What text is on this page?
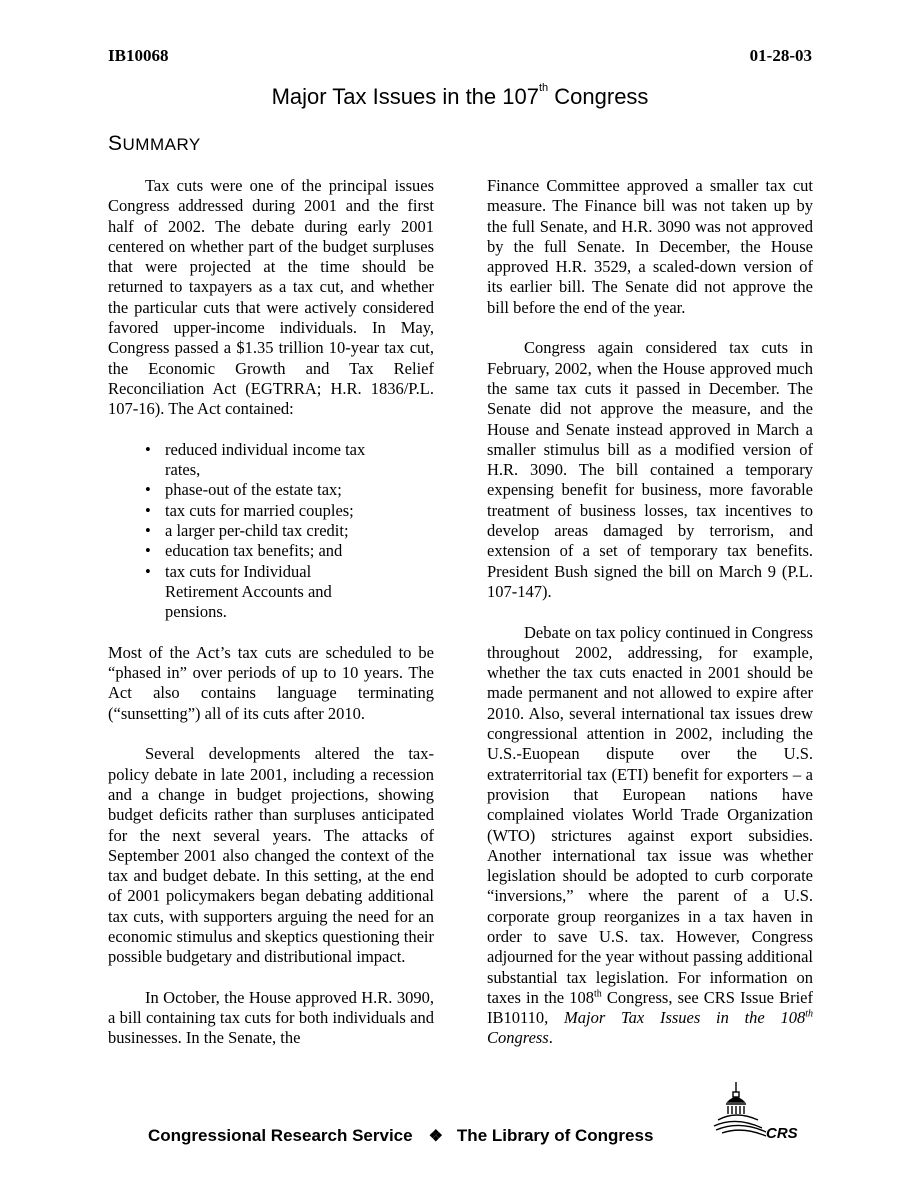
IB10068	01-28-03
Major Tax Issues in the 107th Congress
SUMMARY

Tax cuts were one of the principal issues Congress addressed during 2001 and the first half of 2002. The debate during early 2001 centered on whether part of the budget surpluses that were projected at the time should be returned to taxpayers as a tax cut, and whether the particular cuts that were actively considered favored upper-income individuals. In May, Congress passed a $1.35 trillion 10-year tax cut, the Economic Growth and Tax Relief Reconciliation Act (EGTRRA; H.R. 1836/P.L. 107-16). The Act contained:

• reduced individual income tax rates,
• phase-out of the estate tax;
• tax cuts for married couples;
• a larger per-child tax credit;
• education tax benefits; and
• tax cuts for Individual Retirement Accounts and pensions.

Most of the Act’s tax cuts are scheduled to be “phased in” over periods of up to 10 years. The Act also contains language terminating (“sunsetting”) all of its cuts after 2010.

Several developments altered the tax-policy debate in late 2001, including a recession and a change in budget projections, showing budget deficits rather than surpluses anticipated for the next several years. The attacks of September 2001 also changed the context of the tax and budget debate. In this setting, at the end of 2001 policymakers began debating additional tax cuts, with supporters arguing the need for an economic stimulus and skeptics questioning their possible budgetary and distributional impact.

In October, the House approved H.R. 3090, a bill containing tax cuts for both individuals and businesses. In the Senate, the

Finance Committee approved a smaller tax cut measure. The Finance bill was not taken up by the full Senate, and H.R. 3090 was not approved by the full Senate. In December, the House approved H.R. 3529, a scaled-down version of its earlier bill. The Senate did not approve the bill before the end of the year.

Congress again considered tax cuts in February, 2002, when the House approved much the same tax cuts it passed in December. The Senate did not approve the measure, and the House and Senate instead approved in March a smaller stimulus bill as a modified version of H.R. 3090. The bill contained a temporary expensing benefit for business, more favorable treatment of business losses, tax incentives to develop areas damaged by terrorism, and extension of a set of temporary tax benefits. President Bush signed the bill on March 9 (P.L. 107-147).

Debate on tax policy continued in Congress throughout 2002, addressing, for example, whether the tax cuts enacted in 2001 should be made permanent and not allowed to expire after 2010. Also, several international tax issues drew congressional attention in 2002, including the U.S.-Euopean dispute over the U.S. extraterritorial tax (ETI) benefit for exporters – a provision that European nations have complained violates World Trade Organization (WTO) strictures against export subsidies. Another international tax issue was whether legislation should be adopted to curb corporate “inversions,” where the parent of a U.S. corporate group reorganizes in a tax haven in order to save U.S. tax. However, Congress adjourned for the year without passing additional substantial tax legislation. For information on taxes in the 108th Congress, see CRS Issue Brief IB10110, Major Tax Issues in the 108th Congress.

Congressional Research Service ❖ The Library of Congress	CRS
